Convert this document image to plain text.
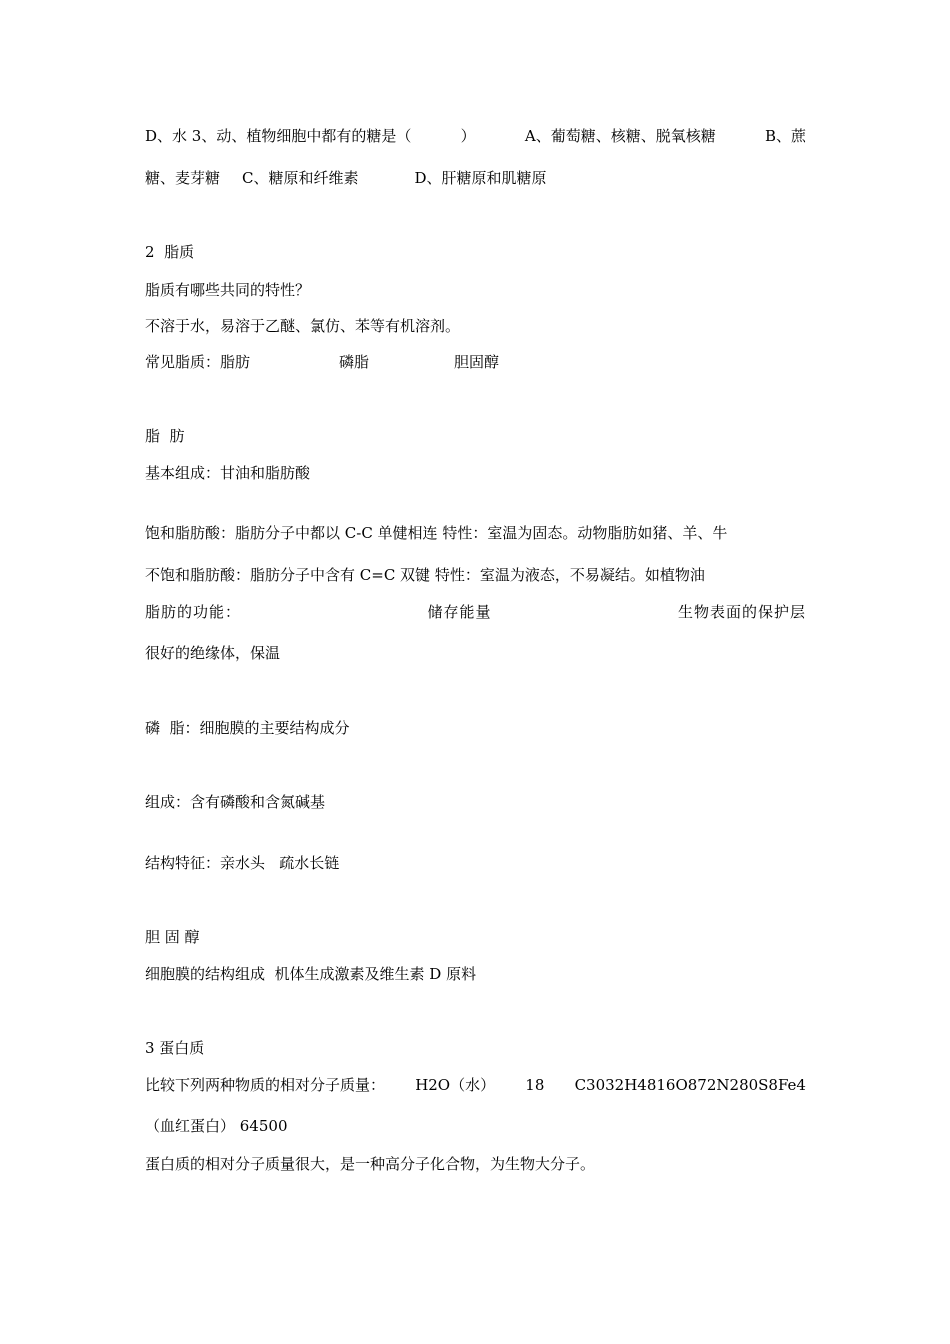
D、水 3、动、植物细胞中都有的糖是（	）	A、葡萄糖、核糖、脱氧核糖	B、蔗
糖、麦芽糖 C、糖原和纤维素	D、肝糖原和肌糖原

2  脂质

脂质有哪些共同的特性？

不溶于水，易溶于乙醚、氯仿、苯等有机溶剂。

常见脂质：脂肪	磷脂	胆固醇

脂  肪

基本组成：甘油和脂肪酸

饱和脂肪酸：脂肪分子中都以 C-C 单健相连 特性：室温为固态。动物脂肪如猪、羊、牛

不饱和脂肪酸：脂肪分子中含有 C=C 双键 特性：室温为液态，不易凝结。如植物油

脂肪的功能：	储存能量	生物表面的保护层

很好的绝缘体，保温

磷  脂：细胞膜的主要结构成分

组成：含有磷酸和含氮碱基

结构特征：亲水头   疏水长链

胆 固 醇

细胞膜的结构组成  机体生成激素及维生素 D 原料

3 蛋白质

比较下列两种物质的相对分子质量： H2O（水） 18 C3032H4816O872N280S8Fe4

（血红蛋白） 64500

蛋白质的相对分子质量很大，是一种高分子化合物，为生物大分子。
